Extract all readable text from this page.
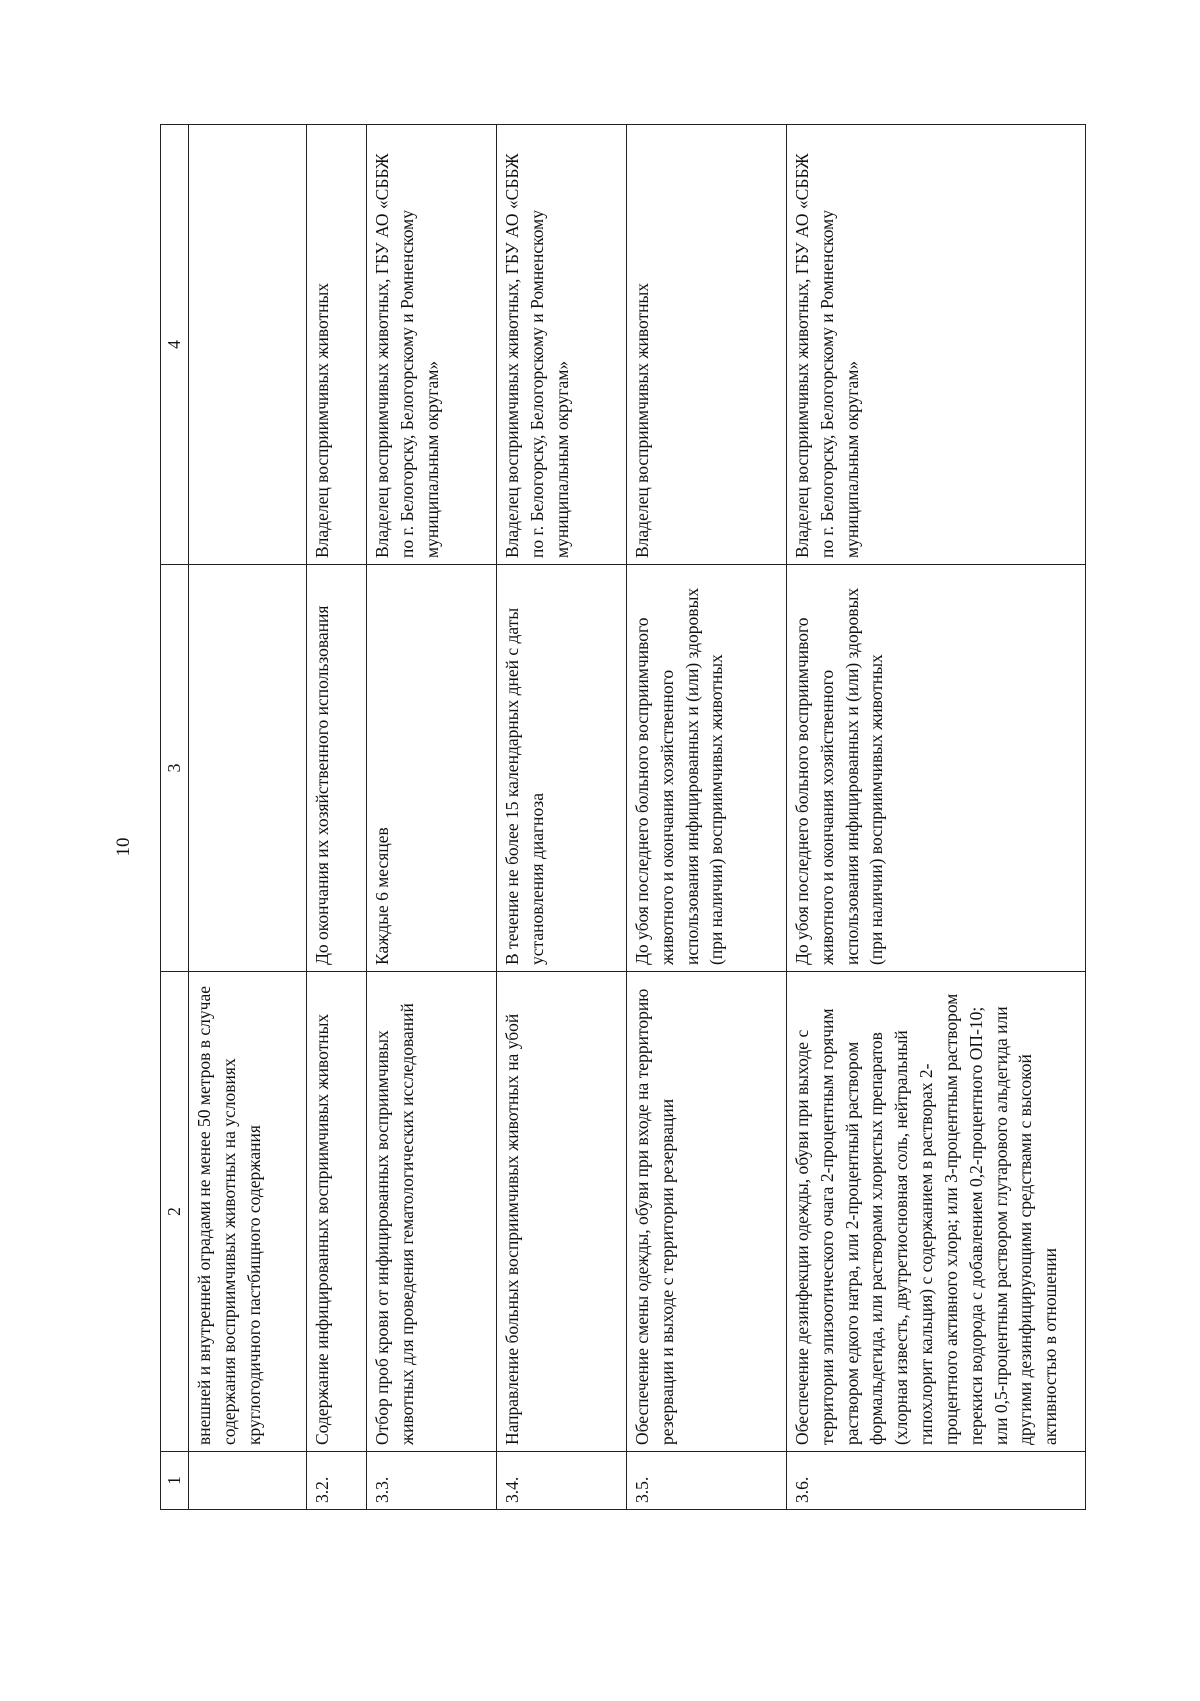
10
1	2	3	4
	внешней и внутренней оградами не менее 50 метров в случае содержания восприимчивых животных на условиях круглогодичного пастбищного содержания		
3.2.	Содержание инфицированных восприимчивых животных	До окончания их хозяйственного использования	Владелец восприимчивых животных
3.3.	Отбор проб крови от инфицированных восприимчивых животных для проведения гематологических исследований	Каждые 6 месяцев	Владелец восприимчивых животных, ГБУ АО «СББЖ по г. Белогорску, Белогорскому и Ромненскому муниципальным округам»
3.4.	Направление больных восприимчивых животных на убой	В течение не более 15 календарных дней с даты установления диагноза	Владелец восприимчивых животных, ГБУ АО «СББЖ по г. Белогорску, Белогорскому и Ромненскому муниципальным округам»
3.5.	Обеспечение смены одежды, обуви при входе на территорию резервации и выходе с территории резервации	До убоя последнего больного восприимчивого животного и окончания хозяйственного использования инфицированных и (или) здоровых (при наличии) восприимчивых животных	Владелец восприимчивых животных
3.6.	Обеспечение дезинфекции одежды, обуви при выходе с территории эпизоотического очага 2-процентным горячим раствором едкого натра, или 2-процентный раствором формальдегида, или растворами хлористых препаратов (хлорная известь, двутретиосновная соль, нейтральный гипохлорит кальция) с содержанием в растворах 2-процентного активного хлора; или 3-процентным раствором перекиси водорода с добавлением 0,2-процентного ОП-10; или 0,5-процентным раствором глутарового альдегида или другими дезинфицирующими средствами с высокой активностью в отношении	До убоя последнего больного восприимчивого животного и окончания хозяйственного использования инфицированных и (или) здоровых (при наличии) восприимчивых животных	Владелец восприимчивых животных, ГБУ АО «СББЖ по г. Белогорску, Белогорскому и Ромненскому муниципальным округам»
